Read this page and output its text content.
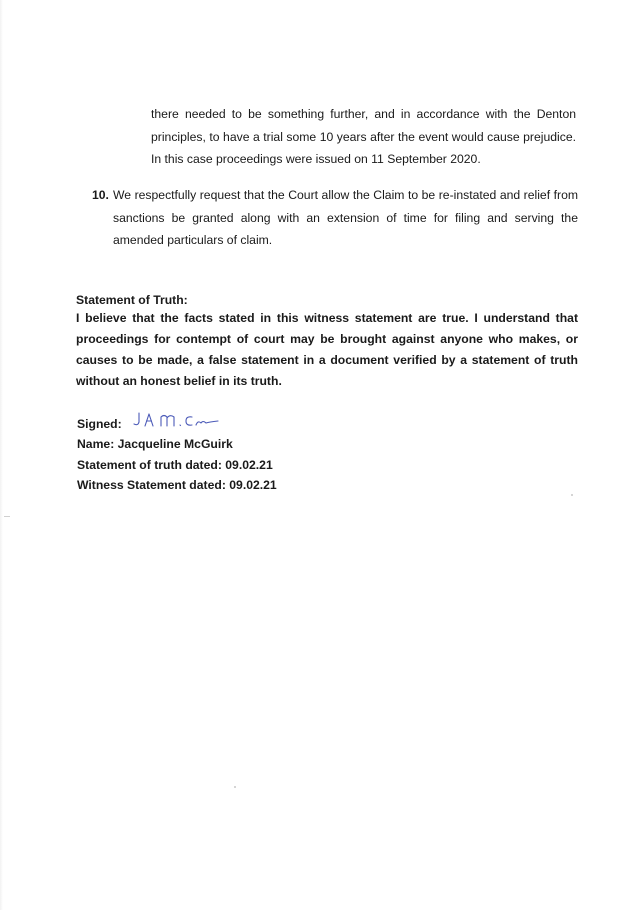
there needed to be something further, and in accordance with the Denton principles, to have a trial some 10 years after the event would cause prejudice. In this case proceedings were issued on 11 September 2020.
10. We respectfully request that the Court allow the Claim to be re-instated and relief from sanctions be granted along with an extension of time for filing and serving the amended particulars of claim.
Statement of Truth:
I believe that the facts stated in this witness statement are true. I understand that proceedings for contempt of court may be brought against anyone who makes, or causes to be made, a false statement in a document verified by a statement of truth without an honest belief in its truth.
Signed:
Name: Jacqueline McGuirk
Statement of truth dated: 09.02.21
Witness Statement dated: 09.02.21
